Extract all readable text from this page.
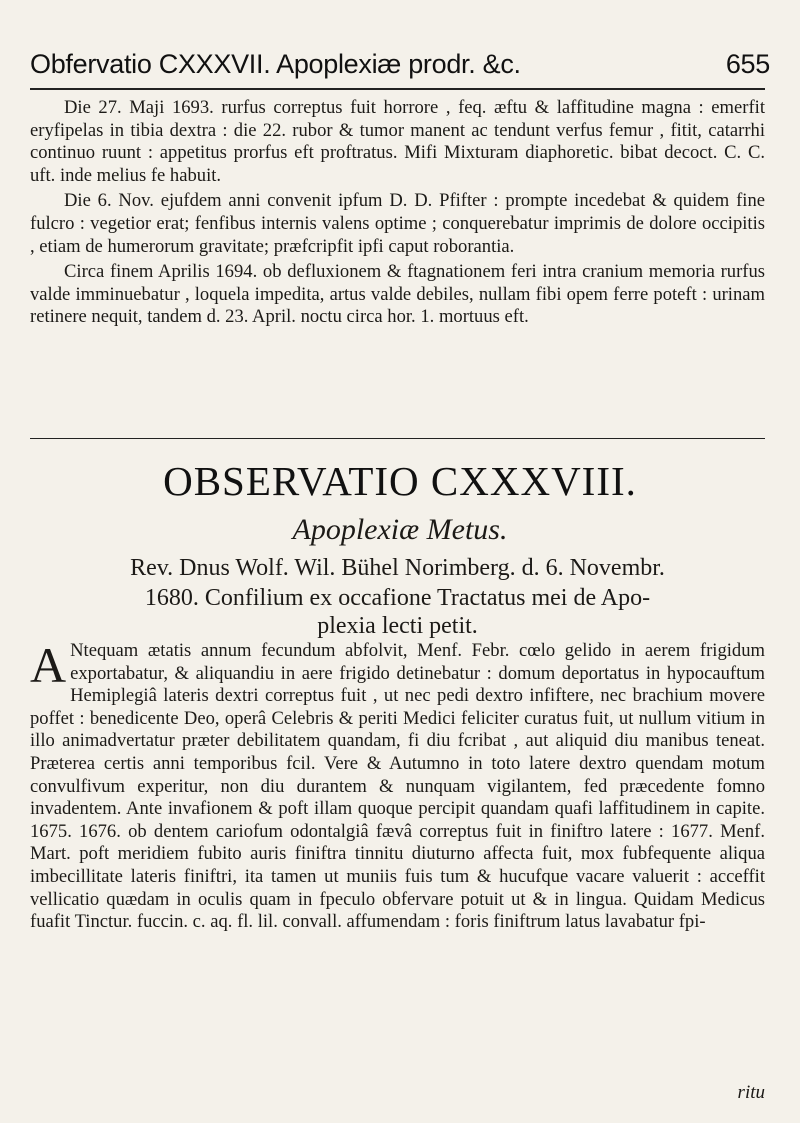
Obfervatio CXXXVII. Apoplexiæ prodr. &c.	655

Die 27. Maji 1693. rurfus correptus fuit horrore , feq. æftu & laffitudine magna : emerfit eryfipelas in tibia dextra : die 22. rubor & tumor manent ac tendunt verfus femur , fitit, catarrhi continuo ruunt : appetitus prorfus eft proftratus. Mifi Mixturam diaphoretic. bibat decoct. C. C. uft. inde melius fe habuit.

Die 6. Nov. ejufdem anni convenit ipfum D. D. Pfifter : prompte incedebat & quidem fine fulcro : vegetior erat; fenfibus internis valens optime ; conquerebatur imprimis de dolore occipitis , etiam de humerorum gravitate; præfcripfit ipfi caput roborantia.

Circa finem Aprilis 1694. ob defluxionem & ftagnationem feri intra cranium memoria rurfus valde imminuebatur , loquela impedita, artus valde debiles, nullam fibi opem ferre poteft : urinam retinere nequit, tandem d. 23. April. noctu circa hor. 1. mortuus eft.

OBSERVATIO CXXXVIII.
Apoplexiæ Metus.
Rev. Dnus Wolf. Wil. Bühel Norimberg. d. 6. Novembr.
1680. Confilium ex occafione Tractatus mei de Apo-
plexia lecti petit.
A Ntequam ætatis annum fecundum abfolvit, Menf. Febr. cœlo gelido in aerem frigidum exportabatur, & aliquandiu in aere frigido detinebatur : domum deportatus in hypocauftum Hemiplegiâ lateris dextri correptus fuit , ut nec pedi dextro infiftere, nec brachium movere poffet : benedicente Deo, operâ Celebris & periti Medici feliciter curatus fuit, ut nullum vitium in illo animadvertatur præter debilitatem quandam, fi diu fcribat , aut aliquid diu manibus teneat. Præterea certis anni temporibus fcil. Vere & Autumno in toto latere dextro quendam motum convulfivum experitur, non diu durantem & nunquam vigilantem, fed præcedente fomno invadentem. Ante invafionem & poft illam quoque percipit quandam quafi laffitudinem in capite. 1675. 1676. ob dentem cariofum odontalgiâ fævâ correptus fuit in finiftro latere : 1677. Menf. Mart. poft meridiem fubito auris finiftra tinnitu diuturno affecta fuit, mox fubfequente aliqua imbecillitate lateris finiftri, ita tamen ut muniis fuis tum & hucufque vacare valuerit : acceffit vellicatio quædam in oculis quam in fpeculo obfervare potuit ut & in lingua. Quidam Medicus fuafit Tinctur. fuccin. c. aq. fl. lil. convall. affumendam : foris finiftrum latus lavabatur fpi-
ritu
